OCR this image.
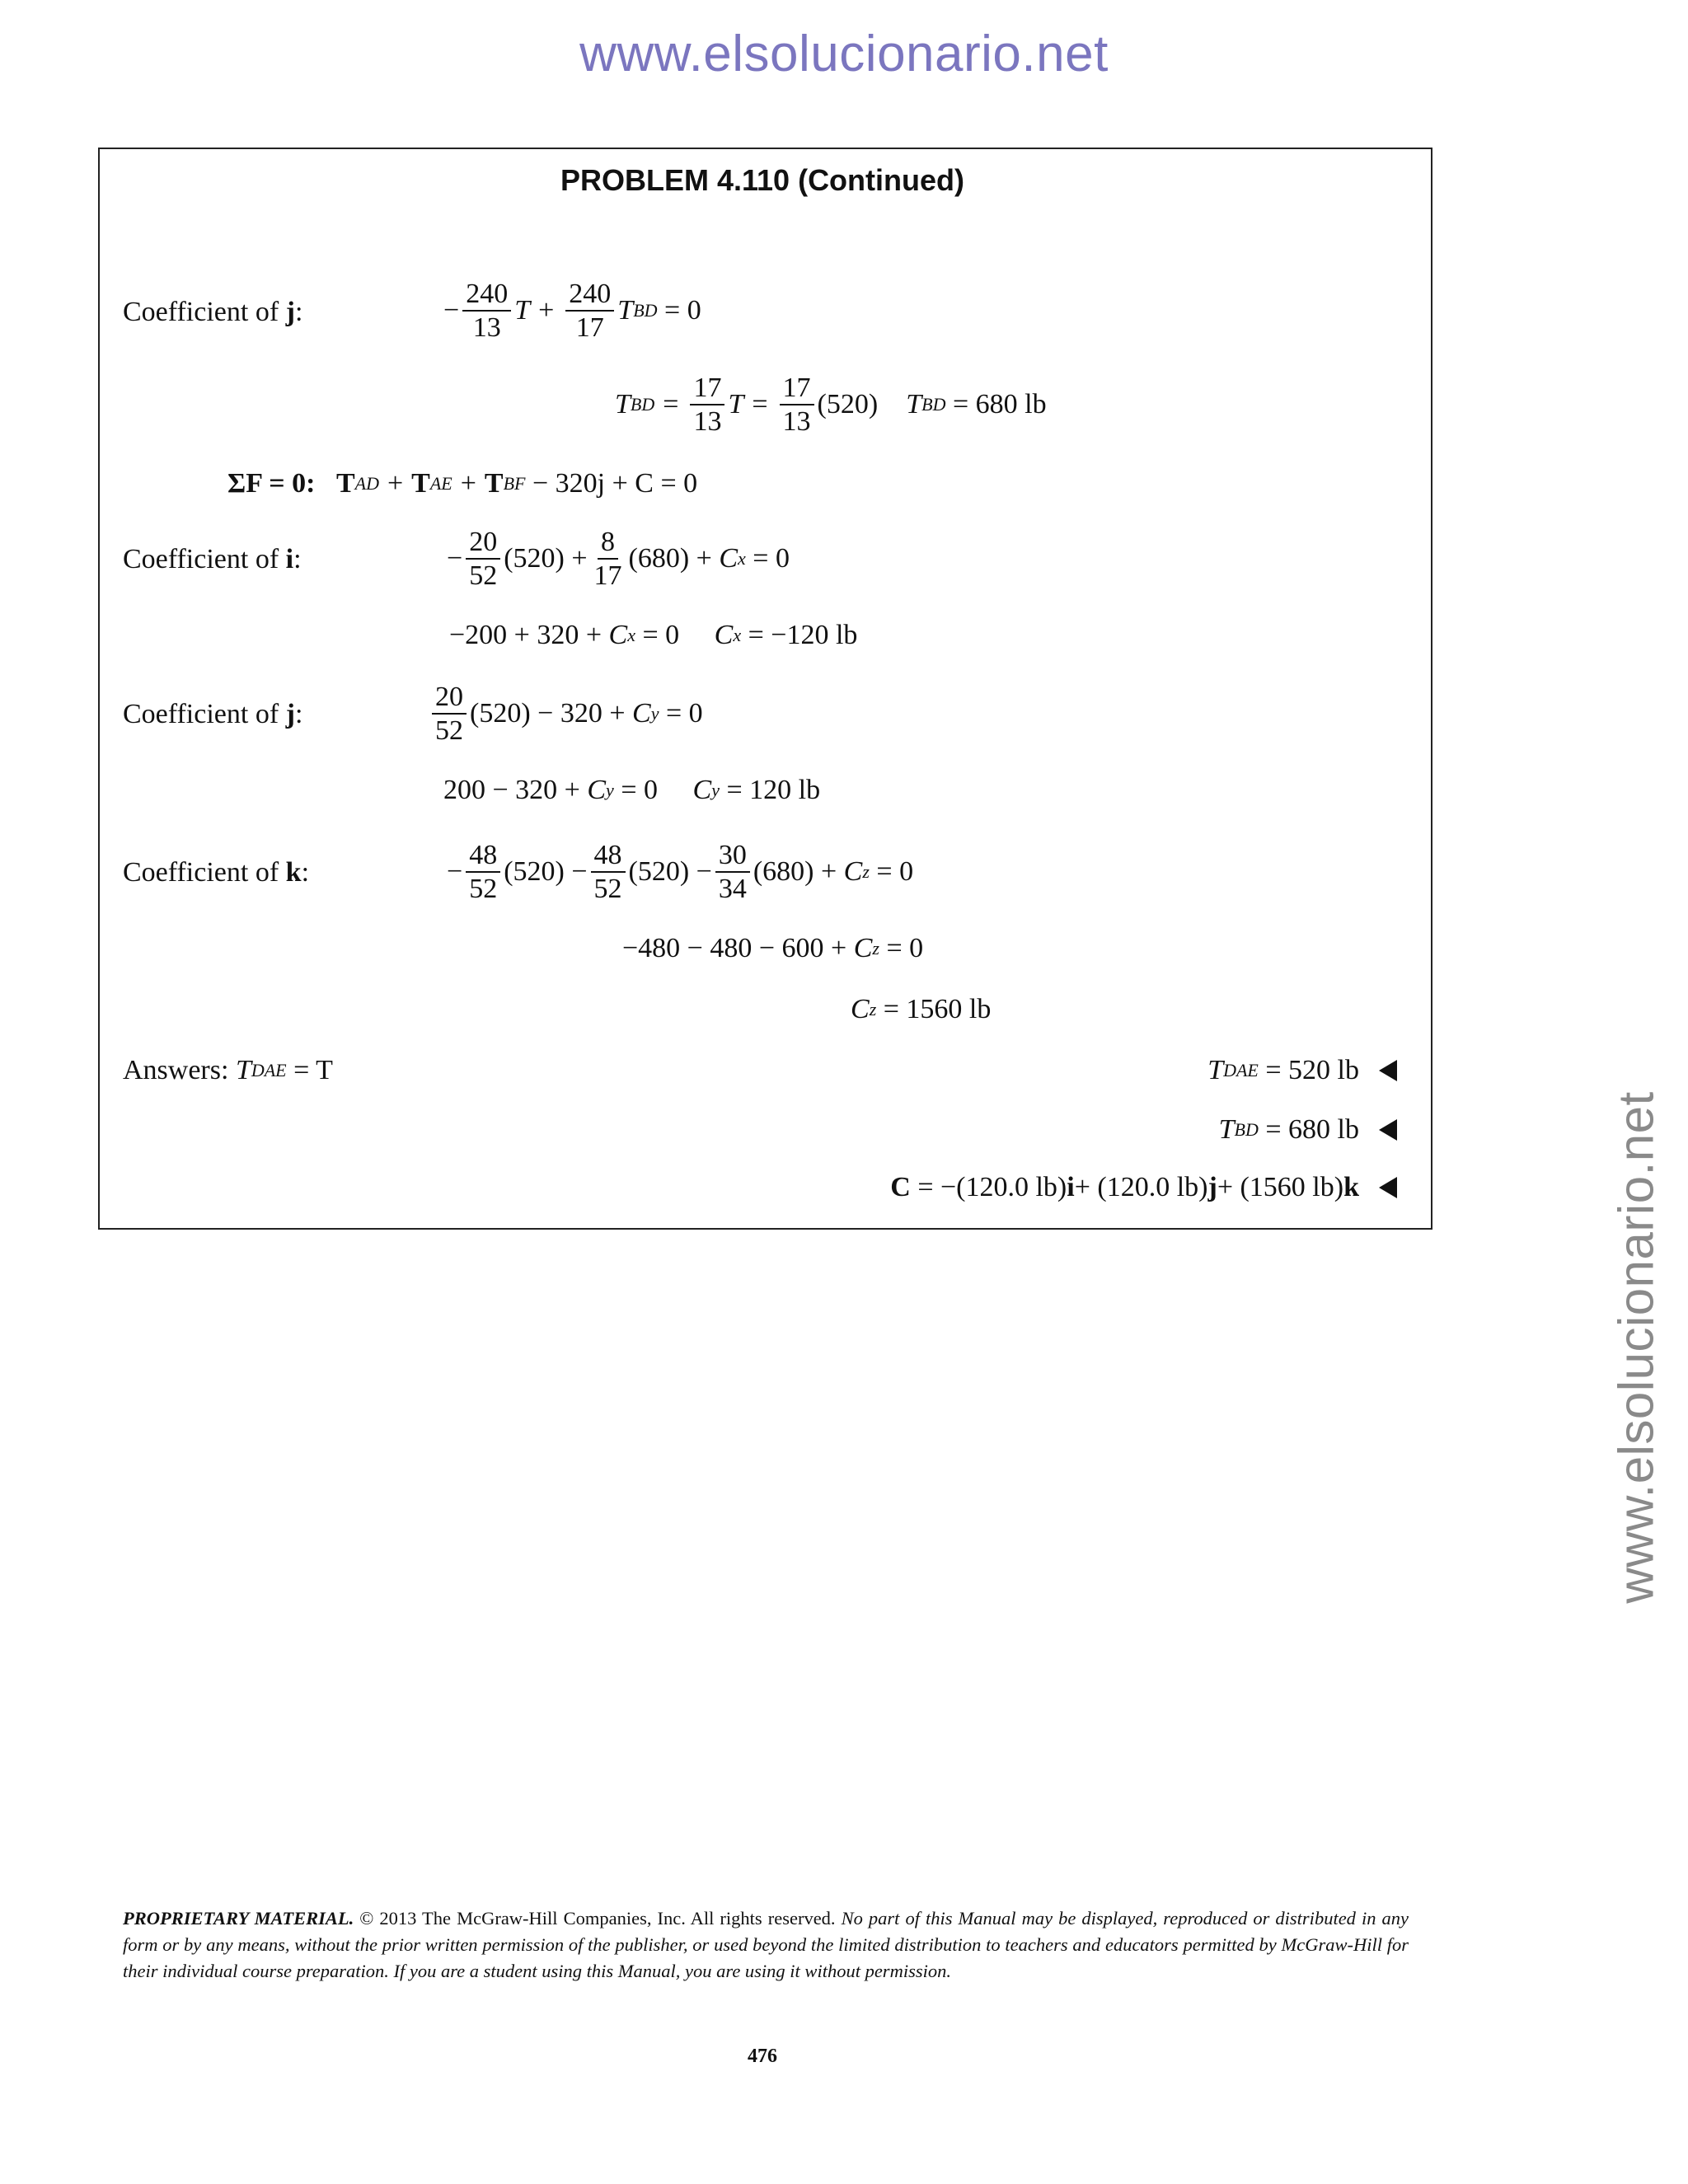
www.elsolucionario.net
www.elsolucionario.net
PROBLEM 4.110 (Continued)
Coefficient of j:	− $\frac{240}{13}$ $T + \frac{240}{17}$ T BD
= 0
T BD = $\frac{17}{13}$ $T = \frac{17}{13} (520)$
T BD
= 680 lb
ΣF = 0:
T AD + T AE + T BF
− 320j + C = 0
Coefficient of i:	− $\frac{20}{52} (520) + \frac{8}{17} (680)$ +
C x
= 0
−200 + 320 +
C x
= 0
C x
= −120 lb
Coefficient of j:	$\frac{20}{52} (520) - 320$ +
C y
= 0
200 − 320 +
C y
= 0
C y
= 120 lb
Coefficient of k:	− $\frac{48}{52} (520) - \frac{48}{52} (520) - \frac{30}{34} (680)$ +
C z
= 0
−480 − 480 − 600 +
C z
= 0
C z
= 1560 lb
Answers:
T DAE
= T	T DAE
= 520 lb
T BD
= 680 lb
C
= −(120.0 lb) i + (120.0 lb) j + (1560 lb) k
PROPRIETARY MATERIAL. © 2013 The McGraw-Hill Companies, Inc. All rights reserved. No part of this Manual may be displayed, reproduced or distributed in any form or by any means, without the prior written permission of the publisher, or used beyond the limited distribution to teachers and educators permitted by McGraw-Hill for their individual course preparation. If you are a student using this Manual, you are using it without permission.
476
